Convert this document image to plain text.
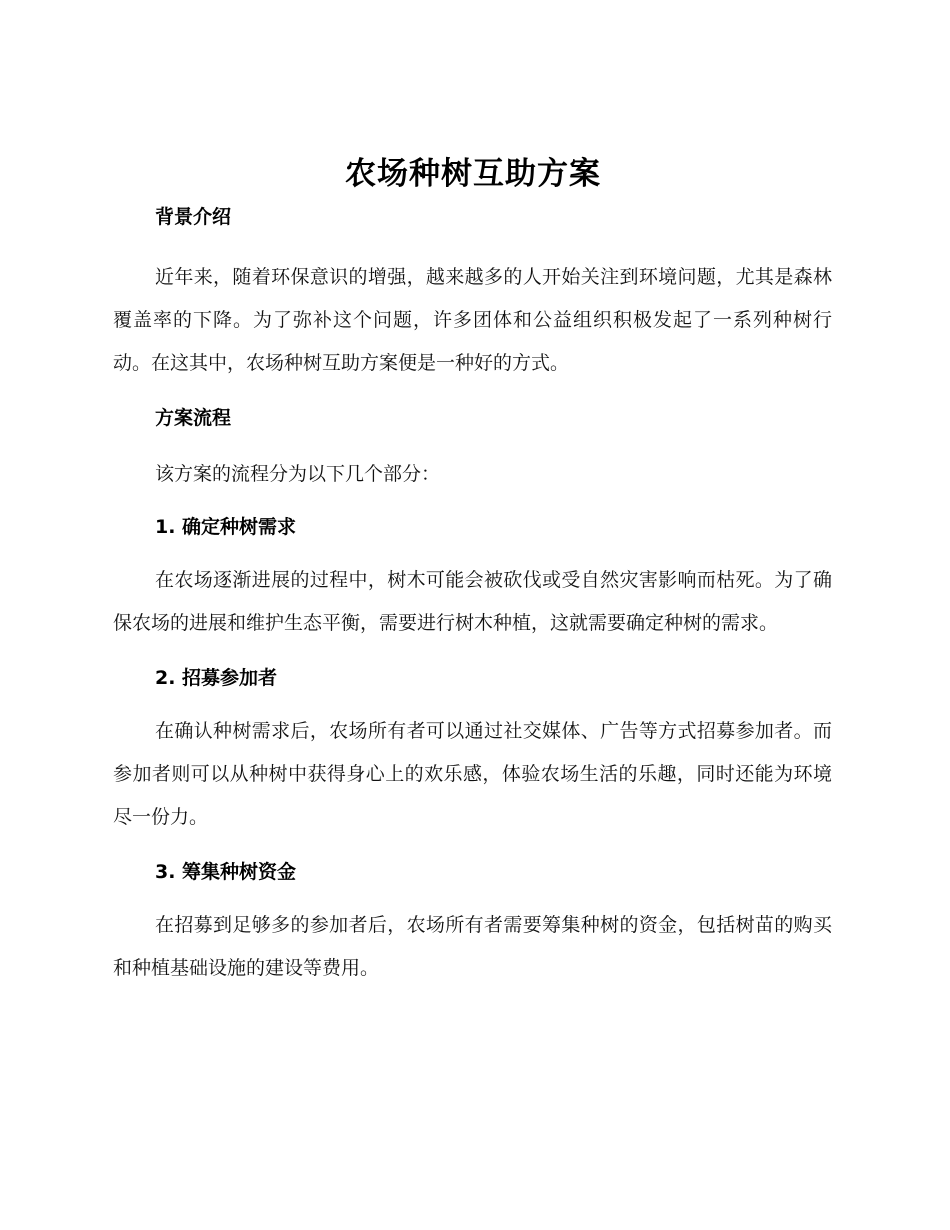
农场种树互助方案
背景介绍

近年来，随着环保意识的增强，越来越多的人开始关注到环境问题，尤其是森林覆盖率的下降。为了弥补这个问题，许多团体和公益组织积极发起了一系列种树行动。在这其中，农场种树互助方案便是一种好的方式。

方案流程

该方案的流程分为以下几个部分：

1. 确定种树需求

在农场逐渐进展的过程中，树木可能会被砍伐或受自然灾害影响而枯死。为了确保农场的进展和维护生态平衡，需要进行树木种植，这就需要确定种树的需求。

2. 招募参加者

在确认种树需求后，农场所有者可以通过社交媒体、广告等方式招募参加者。而参加者则可以从种树中获得身心上的欢乐感，体验农场生活的乐趣，同时还能为环境尽一份力。

3. 筹集种树资金

在招募到足够多的参加者后，农场所有者需要筹集种树的资金，包括树苗的购买和种植基础设施的建设等费用。
